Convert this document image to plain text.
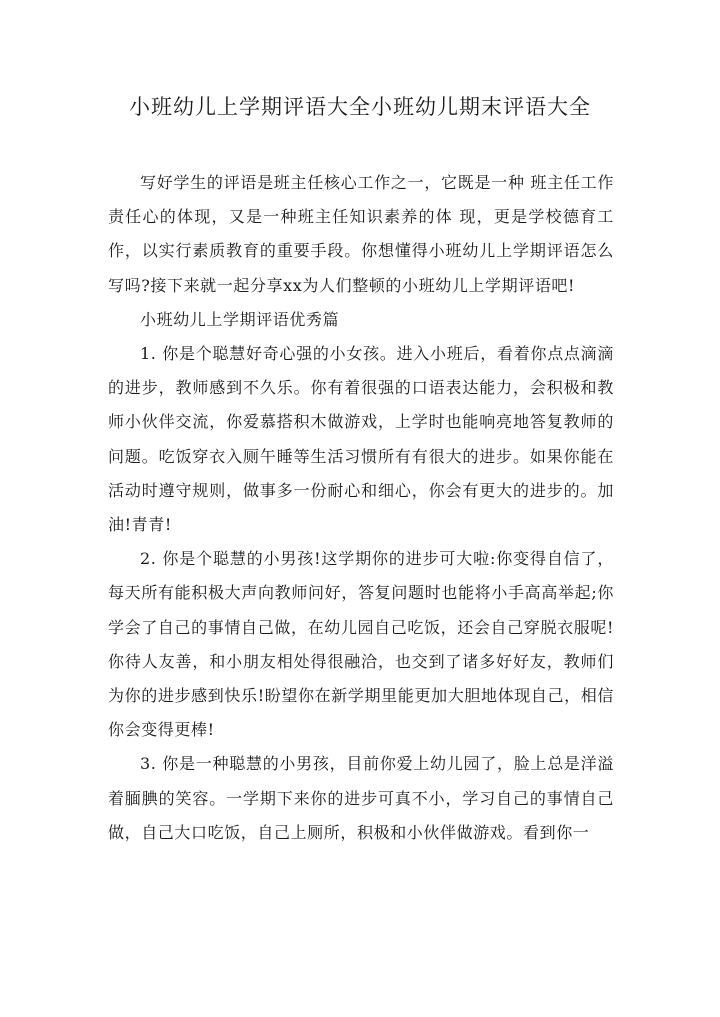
小班幼儿上学期评语大全小班幼儿期末评语大全

写好学生的评语是班主任核心工作之一，它既是一种 班主任工作责任心的体现，又是一种班主任知识素养的体 现，更是学校德育工作，以实行素质教育的重要手段。你想懂得小班幼儿上学期评语怎么写吗?接下来就一起分享xx为人们整顿的小班幼儿上学期评语吧!

小班幼儿上学期评语优秀篇

1. 你是个聪慧好奇心强的小女孩。进入小班后，看着你点点滴滴的进步，教师感到不久乐。你有着很强的口语表达能力，会积极和教师小伙伴交流，你爱慕搭积木做游戏，上学时也能响亮地答复教师的问题。吃饭穿衣入厕午睡等生活习惯所有有很大的进步。如果你能在活动时遵守规则，做事多一份耐心和细心，你会有更大的进步的。加油!青青!

2. 你是个聪慧的小男孩!这学期你的进步可大啦:你变得自信了，每天所有能积极大声向教师问好，答复问题时也能将小手高高举起;你学会了自己的事情自己做，在幼儿园自己吃饭，还会自己穿脱衣服呢!你待人友善，和小朋友相处得很融洽，也交到了诸多好好友，教师们为你的进步感到快乐!盼望你在新学期里能更加大胆地体现自己，相信你会变得更棒!

3. 你是一种聪慧的小男孩，目前你爱上幼儿园了，脸上总是洋溢着腼腆的笑容。一学期下来你的进步可真不小，学习自己的事情自己做，自己大口吃饭，自己上厕所，积极和小伙伴做游戏。看到你一
